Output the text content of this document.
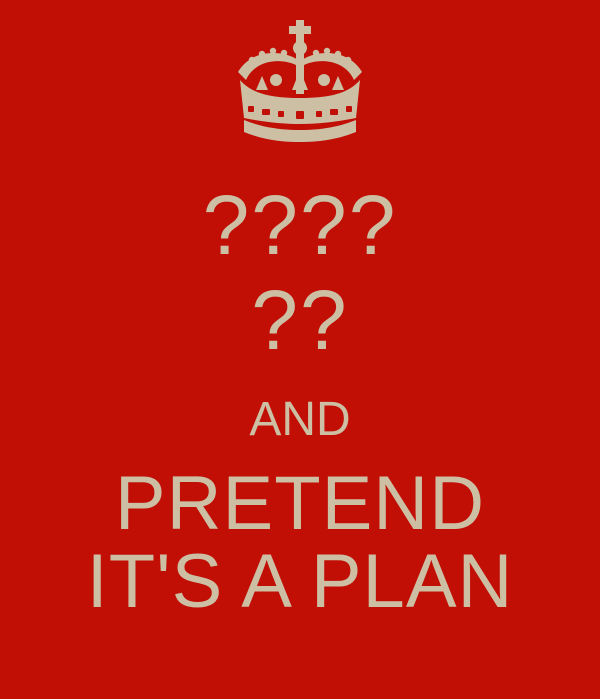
????
??
AND
PRETEND
IT'S A PLAN
